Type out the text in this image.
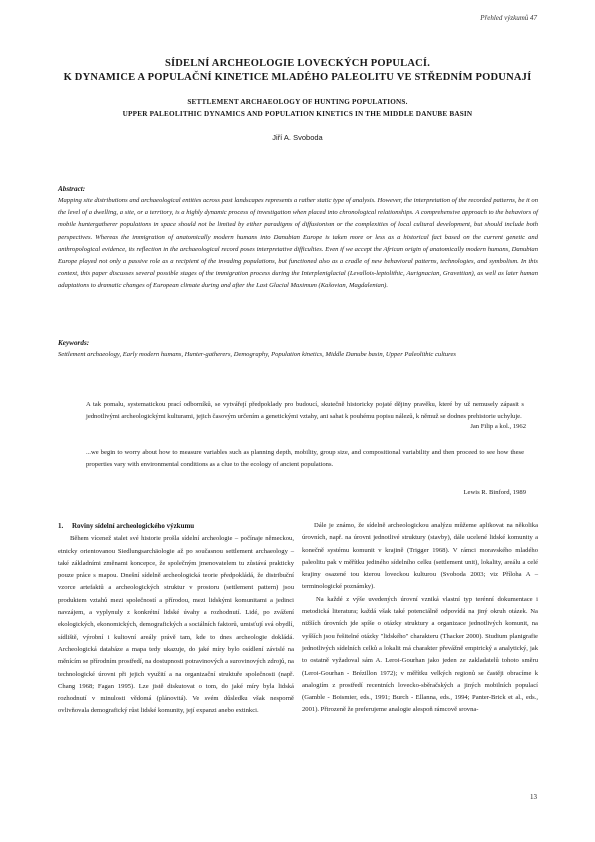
Přehled výzkumů 47
SÍDELNÍ ARCHEOLOGIE LOVECKÝCH POPULACÍ.
K DYNAMICE A POPULAČNÍ KINETICE MLADÉHO PALEOLITU VE STŘEDNÍM PODUNAJÍ
SETTLEMENT ARCHAEOLOGY OF HUNTING POPULATIONS.
UPPER PALEOLITHIC DYNAMICS AND POPULATION KINETICS IN THE MIDDLE DANUBE BASIN
Jiří A. Svoboda
Abstract:
Mapping site distributions and archaeological entities across past landscapes represents a rather static type of analysis. However, the interpretation of the recorded patterns, be it on the level of a dwelling, a site, or a territory, is a highly dynamic process of investigation when placed into chronological relationships. A comprehensive approach to the behaviors of mobile huntergatherer populations in space should not be limited by either paradigms of diffusionism or the complexities of local cultural development, but should include both perspectives. Whereas the immigration of anatomically modern humans into Danubian Europe is taken more or less as a historical fact based on the current genetic and anthropological evidence, its reflection in the archaeological record poses interpretative difficulties. Even if we accept the African origin of anatomically modern humans, Danubian Europe played not only a passive role as a recipient of the invading populations, but functioned also as a cradle of new behavioral patterns, technologies, and symbolism. In this context, this paper discusses several possible stages of the immigration process during the Interpleniglacial (Levallois-leptolithic, Aurignacian, Gravettian), as well as later human adaptations to dramatic changes of European climate during and after the Last Glacial Maximum (Kašovian, Magdalenian).
Keywords:
Settlement archaeology, Early modern humans, Hunter-gatherers, Demography, Population kinetics, Middle Danube basin, Upper Paleolithic cultures
A tak pomalu, systematickou prací odborníků, se vytvářejí předpoklady pro budoucí, skutečně historicky pojaté dějiny pravěku, které by už nemusely zápasit s jednotlivými archeologickými kulturami, jejich časovým určením a genetickými vztahy, ani sahat k pouhému popisu nálezů, k němuž se dodnes prehistorie uchyluje.
Jan Filip a kol., 1962
...we begin to worry about how to measure variables such as planning depth, mobility, group size, and compositional variability and then proceed to see how these properties vary with environmental conditions as a clue to the ecology of ancient populations.
Lewis R. Binford, 1989
1. Roviny sídelní archeologického výzkumu

Během vícenež stalet své historie prošla sídelní archeologie – počínaje německou, etnicky orientovanou Siedlungsarchäologie až po současnou settlement archaeology – také základními změnami koncepce, že společným jmenovatelem tu zůstává prakticky pouze práce s mapou. Dnešní sídelně archeologická teorie předpokládá, že distribuční vzorce artefaktů a archeologických struktur v prostoru (settlement pattern) jsou produktem vztahů mezi společností a přírodou, mezi lidskými komunitami a jedinci navzájem, a vyplynuly z konkrétní lidské úvahy a rozhodnutí. Lidé, po zvážení ekologických, ekonomických, demografických a sociálních faktorů, umisťují svá obydlí, sídliště, výrobní i kultovní areály právě tam, kde to dnes archeologie dokládá. Archeologická databáze a mapa tedy ukazuje, do jaké míry bylo osídlení závislé na měnícím se přírodním prostředí, na dostupnosti potravinových a surovinových zdrojů, na technologické úrovni při jejich využití a na organizační struktuře společnosti (např. Chang 1968; Fagan 1995). Lze jistě diskutovat o tom, do jaké míry byla lidská rozhodnutí v minulosti vědomá (plánovitá). Ve svém důsledku však nesporně ovlivňovala demografický růst lidské komunity, její expanzi anebo extinkci.

Dále je známo, že sídelně archeologickou analýzu můžeme aplikovat na několika úrovních, např. na úrovni jednotlivé struktury (stavby), dále ucelené lidské komunity a konečně systému komunit v krajině (Trigger 1968). V rámci moravského mladého paleolitu pak v měřítku jediného sídelního celku (settlement unit), lokality, areálu a celé krajiny osazené tou kterou loveckou kulturou (Svoboda 2003; viz Příloha A – terminologické poznámky).

Na každé z výše uvedených úrovní vzniká vlastní typ terénní dokumentace i metodická literatura; každá však také potenciálně odpovídá na jiný okruh otázek. Na nižších úrovních jde spíše o otázky struktury a organizace jednotlivých komunit, na vyšších jsou řešitelné otázky "lidského" charakteru (Thacker 2000). Studium planigrafie jednotlivých sídelních celků a lokalit má charakter převážně empirický a analytický, jak to ostatně vyžadoval sám A. Leroi-Gourhan jako jeden ze zakladatelů tohoto směru (Leroi-Gourhan - Brézillon 1972); v měřítku velkých regionů se častěji obracíme k analogiím z prostředí recentních lovecko-sběračských a jiných mobilních populací (Gamble - Boismier, eds., 1991; Burch - Ellanna, eds., 1994; Panter-Brick et al., eds., 2001). Přirozeně že preferujeme analogie alespoň rámcově srovna-

13
